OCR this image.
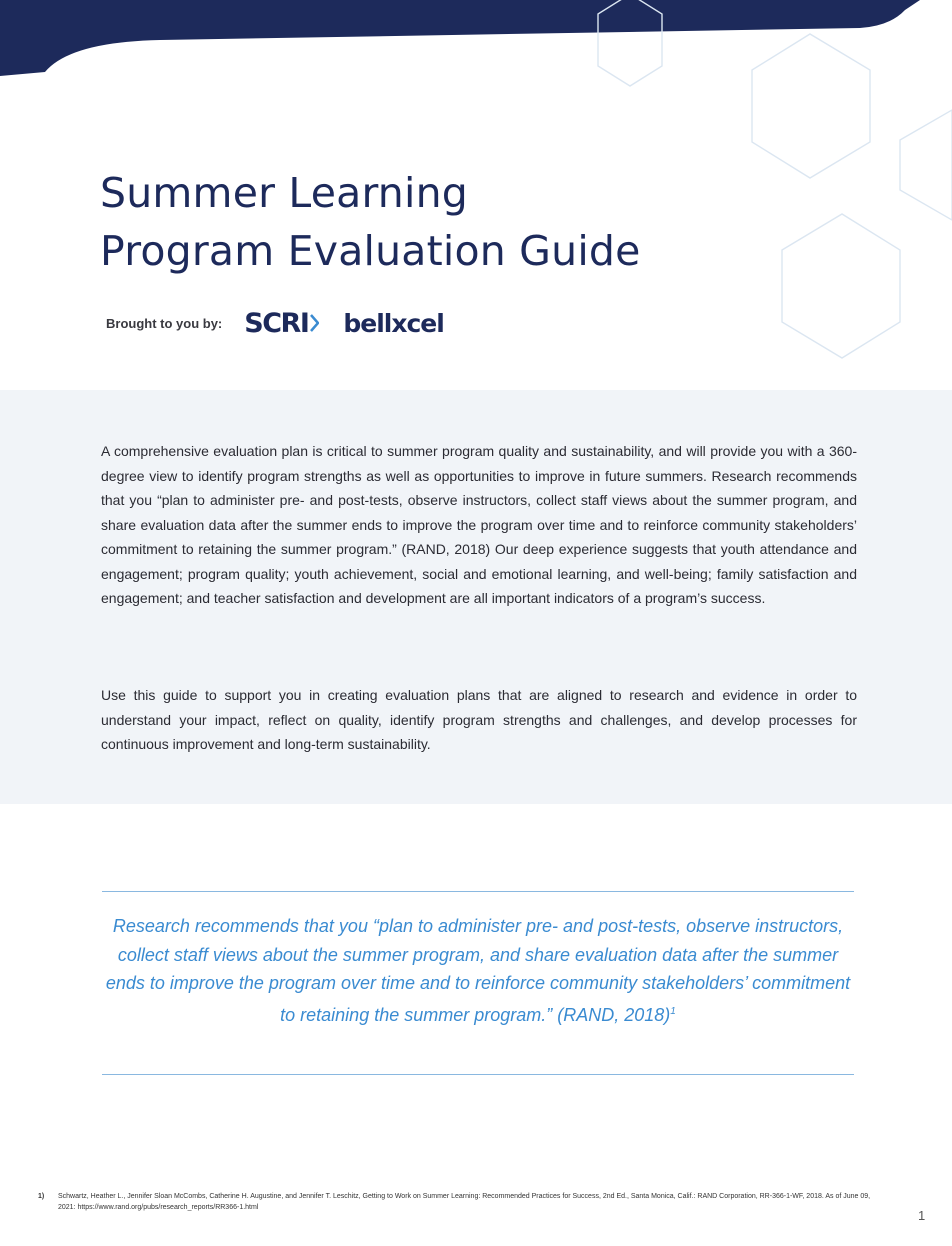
Summer Learning
Program Evaluation Guide
Brought to you by: SCRI bellxcel

A comprehensive evaluation plan is critical to summer program quality and sustainability, and will provide you with a 360-degree view to identify program strengths as well as opportunities to improve in future summers. Research recommends that you “plan to administer pre- and post-tests, observe instructors, collect staff views about the summer program, and share evaluation data after the summer ends to improve the program over time and to reinforce community stakeholders’ commitment to retaining the summer program.” (RAND, 2018) Our deep experience suggests that youth attendance and engagement; program quality; youth achievement, social and emotional learning, and well-being; family satisfaction and engagement; and teacher satisfaction and development are all important indicators of a program’s success.

Use this guide to support you in creating evaluation plans that are aligned to research and evidence in order to understand your impact, reflect on quality, identify program strengths and challenges, and develop processes for continuous improvement and long-term sustainability.

Research recommends that you “plan to administer pre- and post-tests, observe instructors, collect staff views about the summer program, and share evaluation data after the summer ends to improve the program over time and to reinforce community stakeholders’ commitment to retaining the summer program.” (RAND, 2018)$^1$

1)	Schwartz, Heather L., Jennifer Sloan McCombs, Catherine H. Augustine, and Jennifer T. Leschitz, Getting to Work on Summer Learning: Recommended Practices for Success, 2nd Ed., Santa Monica, Calif.: RAND Corporation, RR-366-1-WF, 2018. As of June 09, 2021: https://www.rand.org/pubs/research_reports/RR366-1.html
1
